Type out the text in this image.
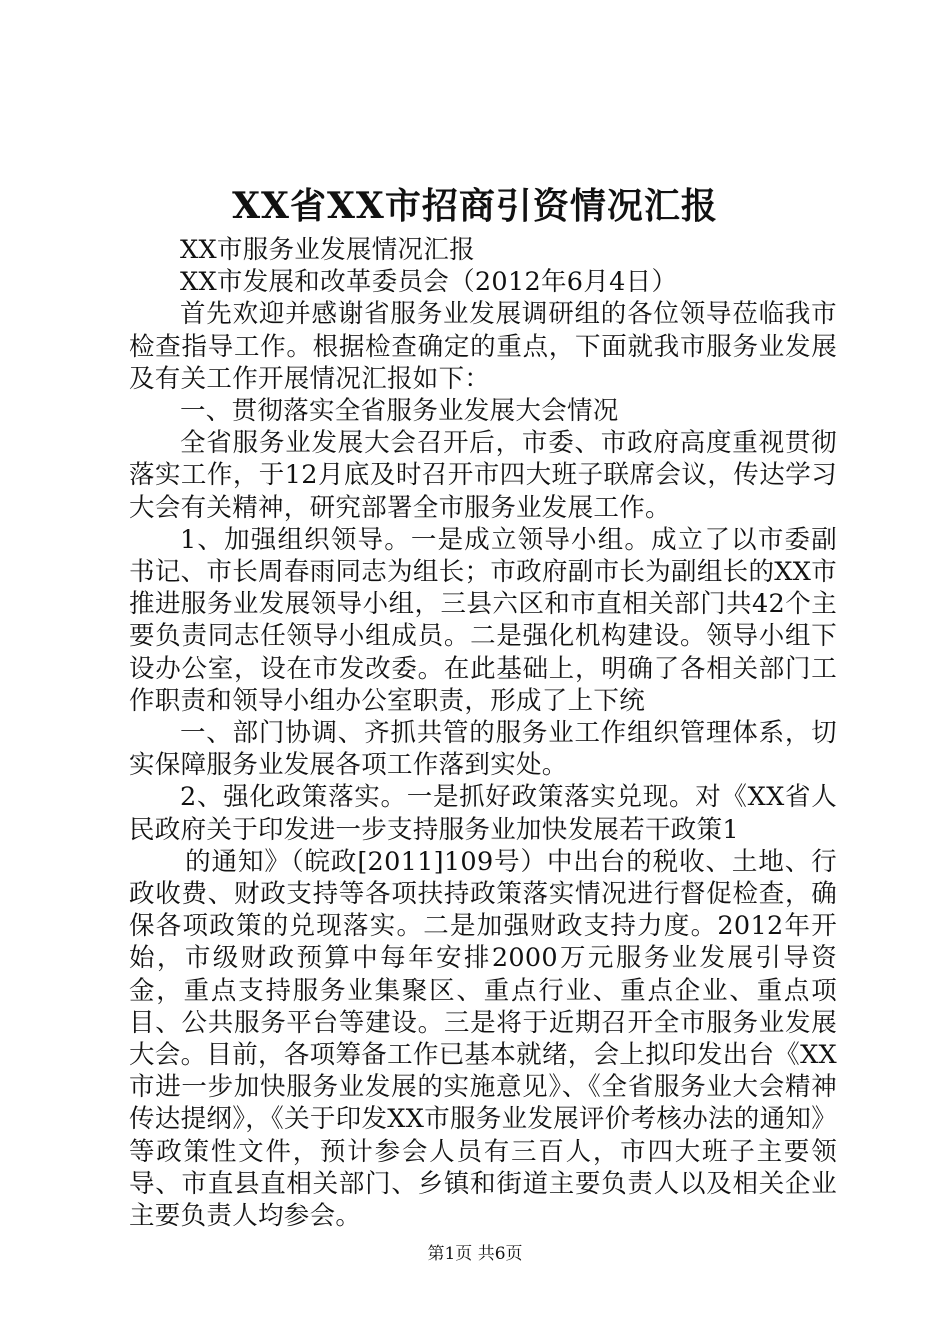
XX省XX市招商引资情况汇报

XX市服务业发展情况汇报

XX市发展和改革委员会（2012年6月4日）

首先欢迎并感谢省服务业发展调研组的各位领导莅临我市检查指导工作。根据检查确定的重点，下面就我市服务业发展及有关工作开展情况汇报如下：

一、贯彻落实全省服务业发展大会情况

全省服务业发展大会召开后，市委、市政府高度重视贯彻落实工作，于12月底及时召开市四大班子联席会议，传达学习大会有关精神，研究部署全市服务业发展工作。

1、加强组织领导。一是成立领导小组。成立了以市委副书记、市长周春雨同志为组长；市政府副市长为副组长的XX市推进服务业发展领导小组，三县六区和市直相关部门共42个主要负责同志任领导小组成员。二是强化机构建设。领导小组下设办公室，设在市发改委。在此基础上，明确了各相关部门工作职责和领导小组办公室职责，形成了上下统

一、部门协调、齐抓共管的服务业工作组织管理体系，切实保障服务业发展各项工作落到实处。

2、强化政策落实。一是抓好政策落实兑现。对《XX省人民政府关于印发进一步支持服务业加快发展若干政策1

的通知》（皖政[2011]109号）中出台的税收、土地、行政收费、财政支持等各项扶持政策落实情况进行督促检查，确保各项政策的兑现落实。二是加强财政支持力度。2012年开始，市级财政预算中每年安排2000万元服务业发展引导资金，重点支持服务业集聚区、重点行业、重点企业、重点项目、公共服务平台等建设。三是将于近期召开全市服务业发展大会。目前，各项筹备工作已基本就绪，会上拟印发出台《XX市进一步加快服务业发展的实施意见》、《全省服务业大会精神传达提纲》，《关于印发XX市服务业发展评价考核办法的通知》等政策性文件，预计参会人员有三百人，市四大班子主要领导、市直县直相关部门、乡镇和街道主要负责人以及相关企业主要负责人均参会。

第1页 共6页
